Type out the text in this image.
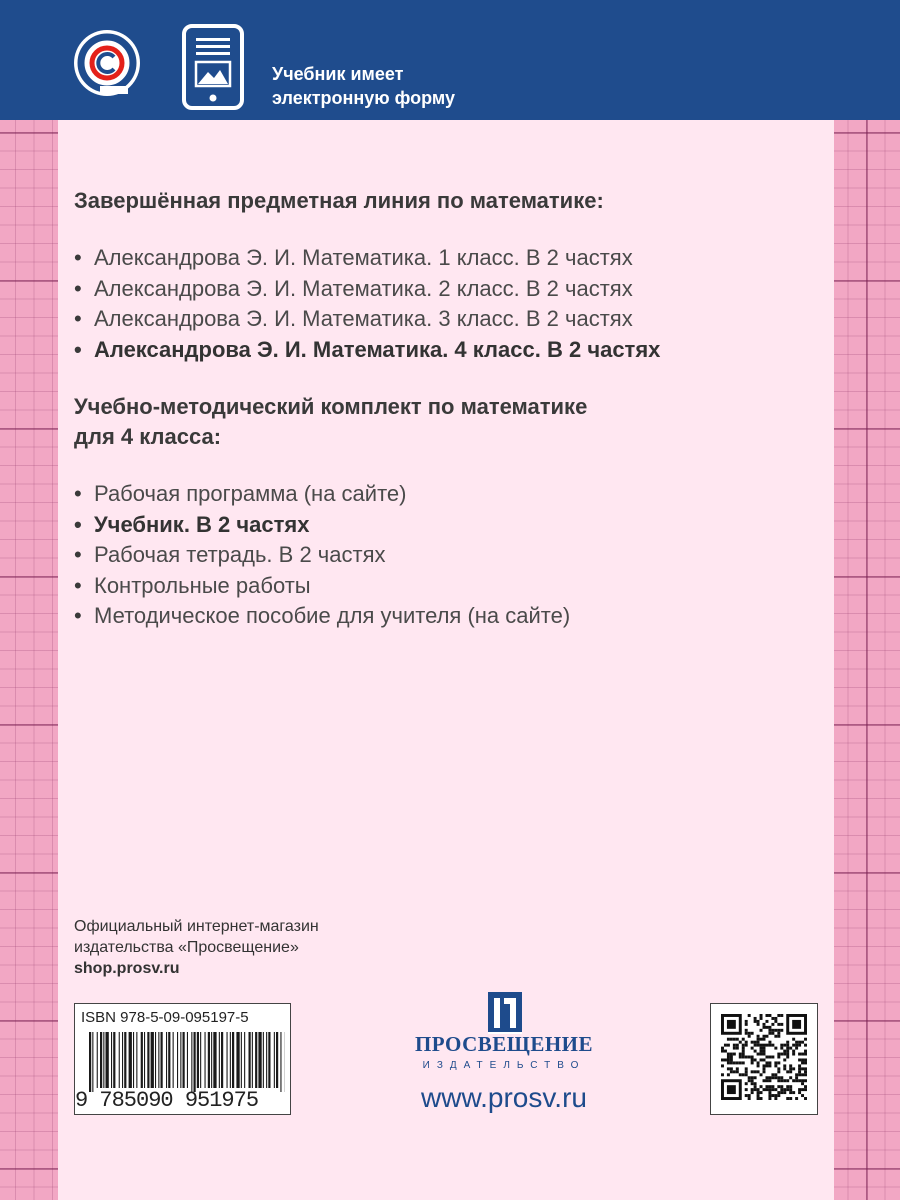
Учебник имеет
электронную форму
Завершённая предметная линия по математике:
• Александрова Э. И. Математика. 1 класс. В 2 частях
• Александрова Э. И. Математика. 2 класс. В 2 частях
• Александрова Э. И. Математика. 3 класс. В 2 частях
• Александрова Э. И. Математика. 4 класс. В 2 частях
Учебно-методический комплект по математике
для 4 класса:
• Рабочая программа (на сайте)
• Учебник. В 2 частях
• Рабочая тетрадь. В 2 частях
• Контрольные работы
• Методическое пособие для учителя (на сайте)
Официальный интернет-магазин
издательства «Просвещение»
shop.prosv.ru
ISBN 978-5-09-095197-5
9 785090 951975
ПРОСВЕЩЕНИЕ
ИЗДАТЕЛЬСТВО
www.prosv.ru
